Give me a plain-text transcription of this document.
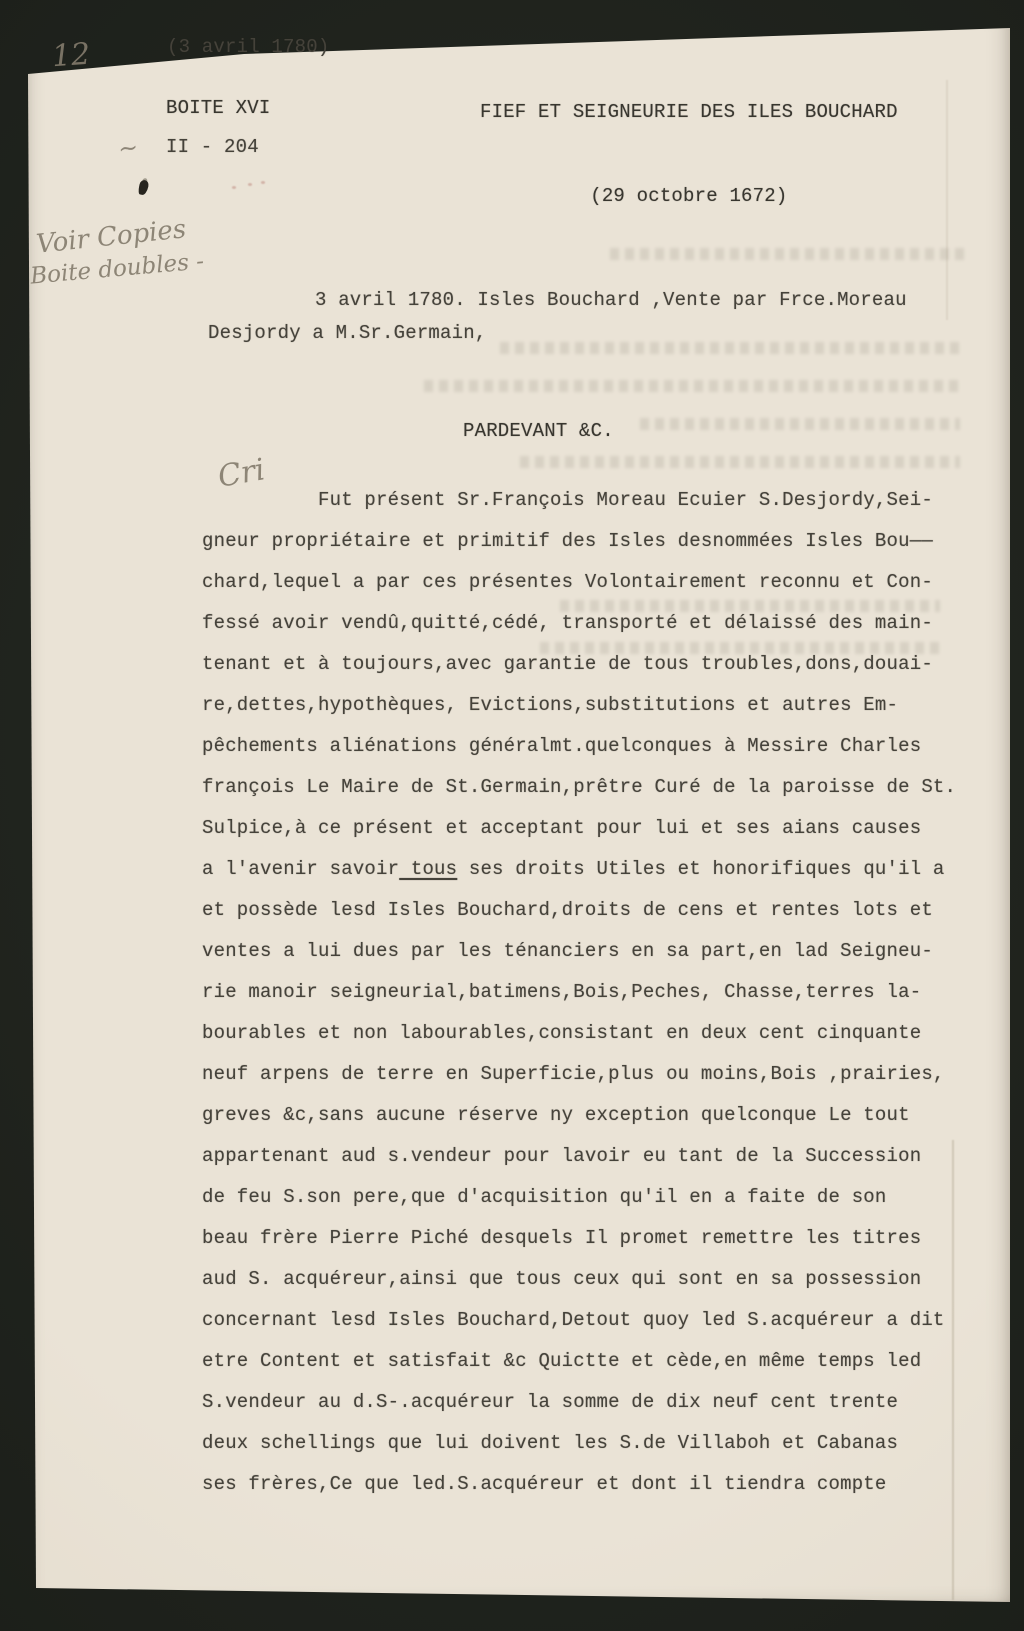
12
~
Voir Copies
Boite doubles -
Cri
(3 avril 1780)

FIEF ET SEIGNEURIE DES ILES BOUCHARD

(29 octobre 1672)

BOITE XVI
II - 204
3 avril 1780. Isles Bouchard ,Vente par Frce.Moreau
Desjordy a M.Sr.Germain,
PARDEVANT &C.
Fut présent Sr.François Moreau Ecuier S.Desjordy,Sei-
gneur propriétaire et primitif des Isles desnommées Isles Bou——
chard,lequel a par ces présentes Volontairement reconnu et Con-
fessé avoir vendû,quitté,cédé, transporté et délaissé des main-
tenant et à toujours,avec garantie de tous troubles,dons,douai-
re,dettes,hypothèques, Evictions,substitutions et autres Em-
pêchements aliénations généralmt.quelconques à Messire Charles
françois Le Maire de St.Germain,prêtre Curé de la paroisse de St.
Sulpice,à ce présent et acceptant pour lui et ses aians causes
a l'avenir savoir tous ses droits Utiles et honorifiques qu'il a
et possède lesd Isles Bouchard,droits de cens et rentes lots et
ventes a lui dues par les ténanciers en sa part,en lad Seigneu-
rie manoir seigneurial,batimens,Bois,Peches, Chasse,terres la-
bourables et non labourables,consistant en deux cent cinquante
neuf arpens de terre en Superficie,plus ou moins,Bois ,prairies,
greves &c,sans aucune réserve ny exception quelconque Le tout
appartenant aud s.vendeur pour lavoir eu tant de la Succession
de feu S.son pere,que d'acquisition qu'il en a faite de son
beau frère Pierre Piché desquels Il promet remettre les titres
aud S. acquéreur,ainsi que tous ceux qui sont en sa possession
concernant lesd Isles Bouchard,Detout quoy led S.acquéreur a dit
etre Content et satisfait &c Quictte et cède,en même temps led
S.vendeur au d.S-.acquéreur la somme de dix neuf cent trente
deux schellings que lui doivent les S.de Villaboh et Cabanas
ses frères,Ce que led.S.acquéreur et dont il tiendra compte
